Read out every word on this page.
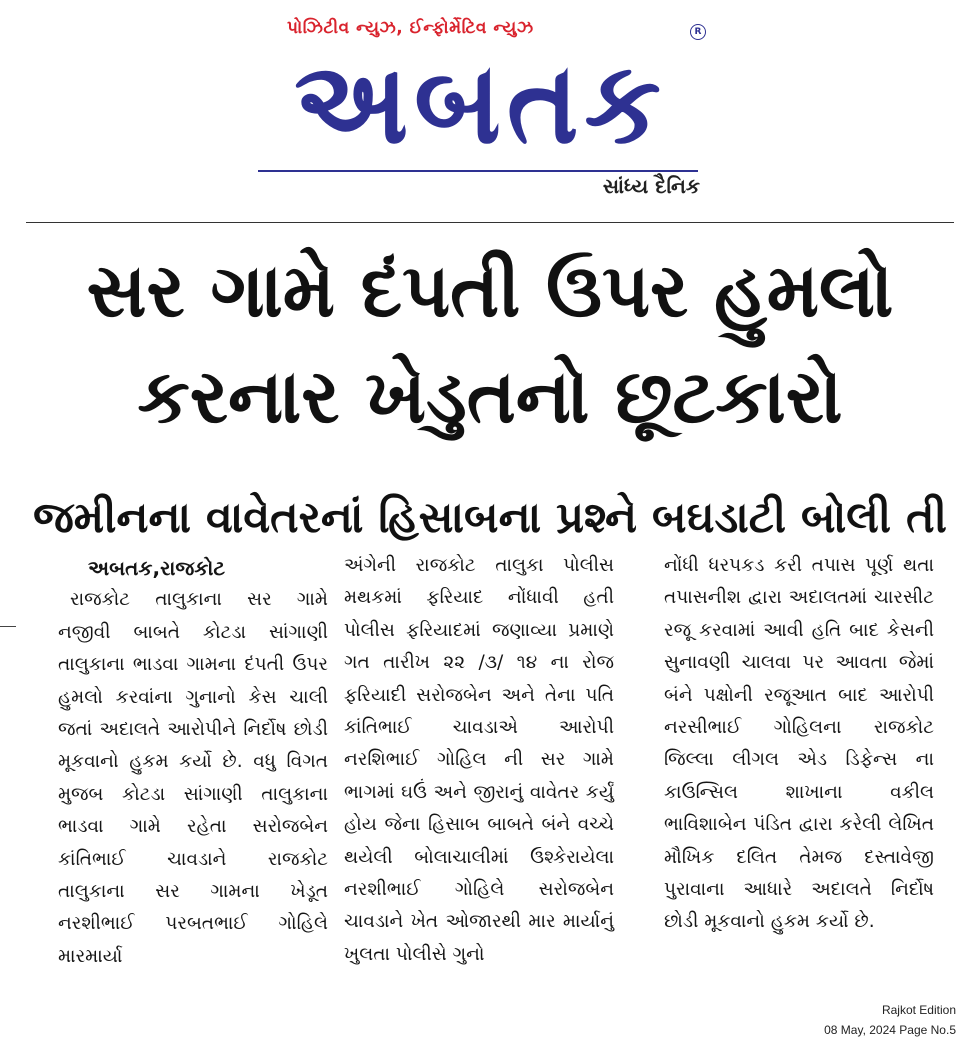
પોઝિટીવ ન્યુઝ, ઈન્ફોર્મેટિવ ન્યુઝ	R
અબતક
સાંધ્ય દૈનિક
સર ગામે દંપતી ઉપર હુમલો કરનાર ખેડુતનો છૂટકારો
જમીનના વાવેતરનાં હિસાબના પ્રશ્ને બઘડાટી બોલી તી
અબતક,રાજકોટ
રાજકોટ તાલુકાના સર ગામે નજીવી બાબતે કોટડા સાંગાણી તાલુકાના ભાડવા ગામના દંપતી ઉપર હુમલો કરવાંના ગુનાનો કેસ ચાલી જતાં અદાલતે આરોપીને નિર્દોષ છોડી મૂકવાનો હુકમ કર્યો છે. વધુ વિગત મુજબ કોટડા સાંગાણી તાલુકાના ભાડવા ગામે રહેતા સરોજબેન કાંતિભાઈ ચાવડાને રાજકોટ તાલુકાના સર ગામના ખેડૂત નરશીભાઈ પરબતભાઈ ગોહિલે મારમાર્યા
અંગેની રાજકોટ તાલુકા પોલીસ મથકમાં ફરિયાદ નોંધાવી હતી પોલીસ ફરિયાદમાં જણાવ્યા પ્રમાણે ગત તારીખ ૨૨ /૩/ ૧૪ ના રોજ ફરિયાદી સરોજબેન અને તેના પતિ કાંતિભાઈ ચાવડાએ આરોપી નરશિભાઈ ગોહિલ ની સર ગામે ભાગમાં ઘઉં અને જીરાનું વાવેતર કર્યું હોય જેના હિસાબ બાબતે બંને વચ્ચે થયેલી બોલાચાલીમાં ઉશ્કેરાયેલા નરશીભાઈ ગોહિલે સરોજબેન ચાવડાને ખેત ઓજારથી માર માર્યાનું ખુલતા પોલીસે ગુનો
નોંધી ધરપકડ કરી તપાસ પૂર્ણ થતા તપાસનીશ દ્વારા અદાલતમાં ચારસીટ રજૂ કરવામાં આવી હતિ બાદ કેસની સુનાવણી ચાલવા પર આવતા જેમાં બંને પક્ષોની રજૂઆત બાદ આરોપી નરસીભાઈ ગોહિલના રાજકોટ જિલ્લા લીગલ એડ ડિફેન્સ ના કાઉન્સિલ શાખાના વકીલ ભાવિશાબેન પંડિત દ્વારા કરેલી લેખિત મૌખિક દલિત તેમજ દસ્તાવેજી પુરાવાના આધારે અદાલતે નિર્દોષ છોડી મૂકવાનો હુકમ કર્યો છે.
Rajkot Edition
08 May, 2024 Page No.5
